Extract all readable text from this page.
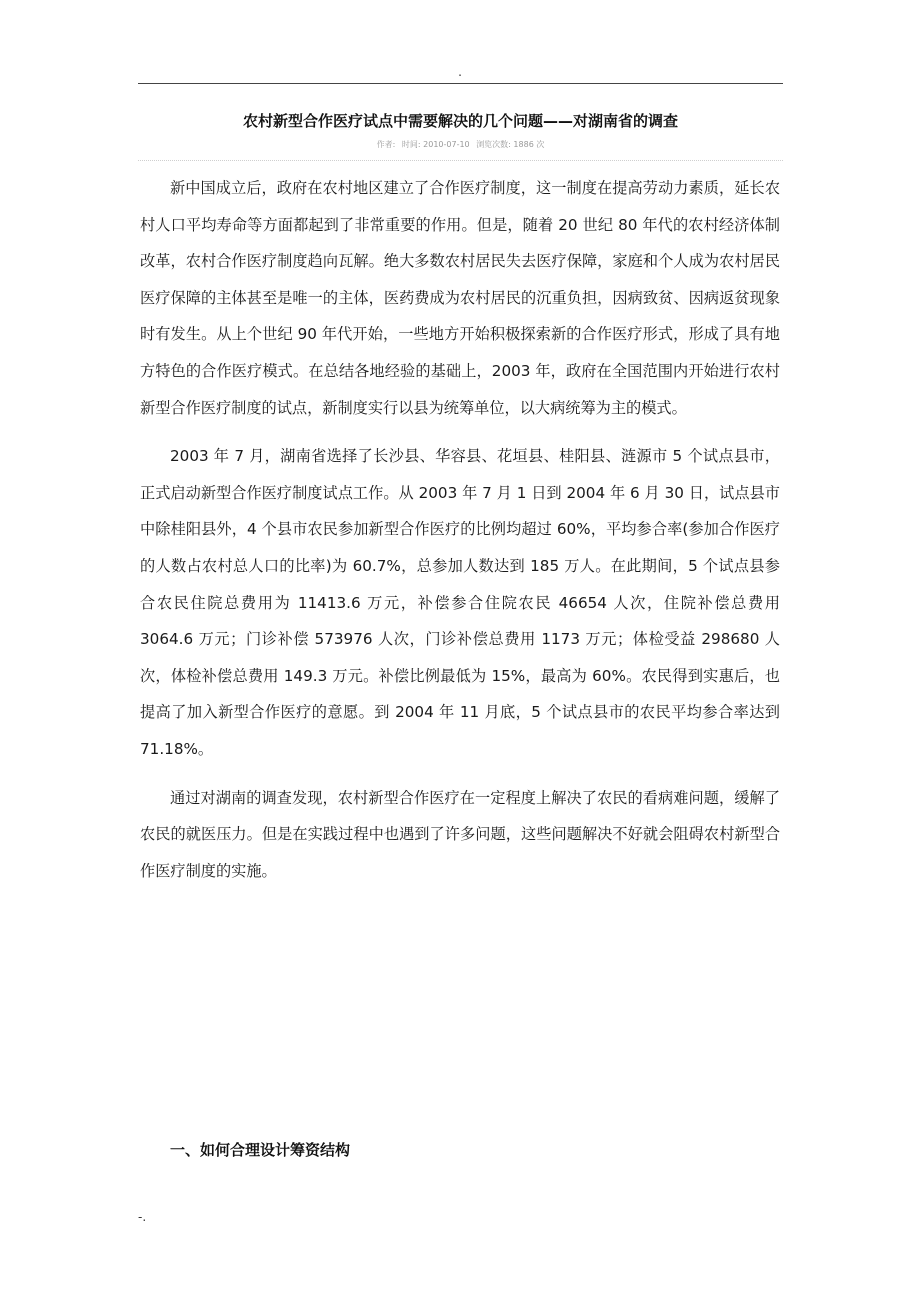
.
农村新型合作医疗试点中需要解决的几个问题——对湖南省的调查
作者: 时间: 2010-07-10 浏览次数: 1886 次

新中国成立后，政府在农村地区建立了合作医疗制度，这一制度在提高劳动力素质，延长农村人口平均寿命等方面都起到了非常重要的作用。但是，随着 20 世纪 80 年代的农村经济体制改革，农村合作医疗制度趋向瓦解。绝大多数农村居民失去医疗保障，家庭和个人成为农村居民医疗保障的主体甚至是唯一的主体，医药费成为农村居民的沉重负担，因病致贫、因病返贫现象时有发生。从上个世纪 90 年代开始，一些地方开始积极探索新的合作医疗形式，形成了具有地方特色的合作医疗模式。在总结各地经验的基础上，2003 年，政府在全国范围内开始进行农村新型合作医疗制度的试点，新制度实行以县为统筹单位，以大病统筹为主的模式。

2003 年 7 月，湖南省选择了长沙县、华容县、花垣县、桂阳县、涟源市 5 个试点县市，正式启动新型合作医疗制度试点工作。从 2003 年 7 月 1 日到 2004 年 6 月 30 日，试点县市中除桂阳县外，4 个县市农民参加新型合作医疗的比例均超过 60%，平均参合率(参加合作医疗的人数占农村总人口的比率)为 60.7%，总参加人数达到 185 万人。在此期间，5 个试点县参合农民住院总费用为 11413.6 万元，补偿参合住院农民 46654 人次，住院补偿总费用 3064.6 万元；门诊补偿 573976 人次，门诊补偿总费用 1173 万元；体检受益 298680 人次，体检补偿总费用 149.3 万元。补偿比例最低为 15%，最高为 60%。农民得到实惠后，也提高了加入新型合作医疗的意愿。到 2004 年 11 月底，5 个试点县市的农民平均参合率达到 71.18%。

通过对湖南的调查发现，农村新型合作医疗在一定程度上解决了农民的看病难问题，缓解了农民的就医压力。但是在实践过程中也遇到了许多问题，这些问题解决不好就会阻碍农村新型合作医疗制度的实施。

一、如何合理设计筹资结构
-.
